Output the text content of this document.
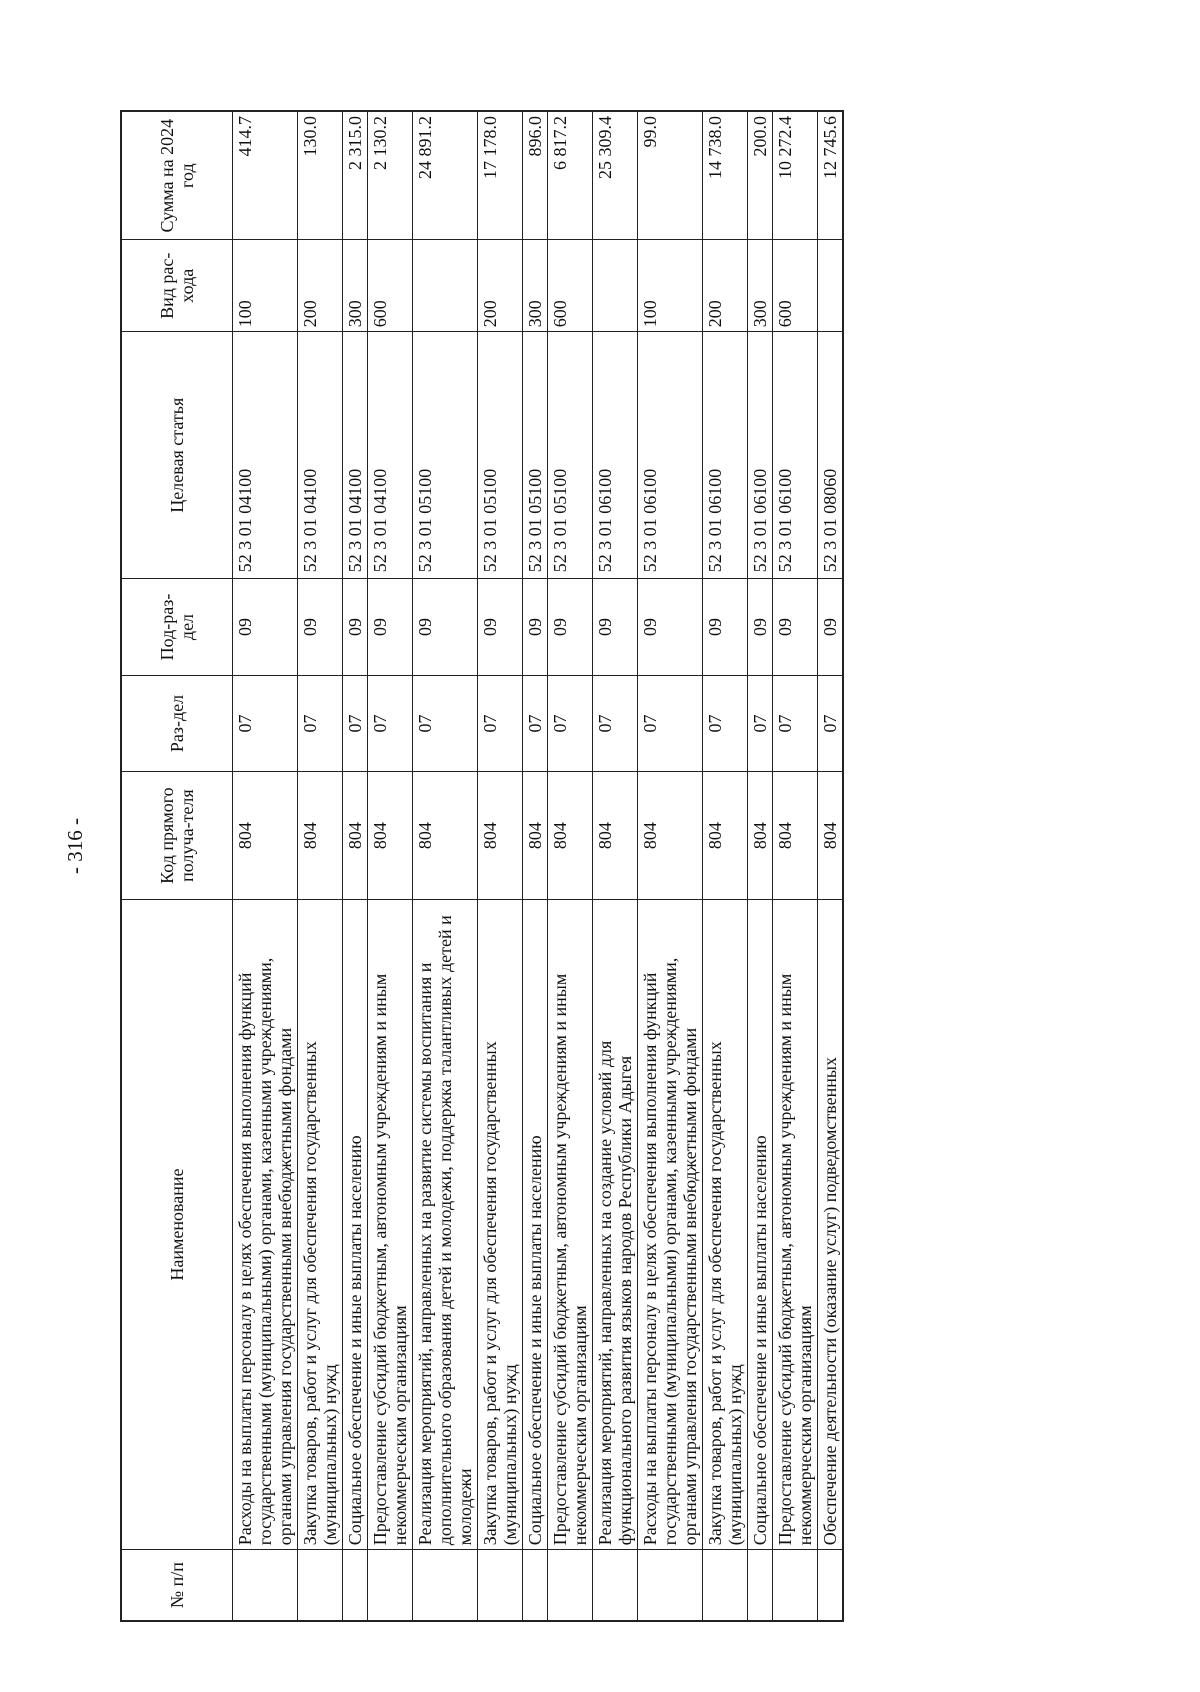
- 316 -
№ п/п	Наименование	Код прямого получа-теля	Раз-дел	Под-раз-дел	Целевая статья	Вид рас-хода	Сумма на 2024 год
	Расходы на выплаты персоналу в целях обеспечения выполнения функций государственными (муниципальными) органами, казенными учреждениями, органами управления государственными внебюджетными фондами	804	07	09	52 3 01 04100	100	414.7
	Закупка товаров, работ и услуг для обеспечения государственных (муниципальных) нужд	804	07	09	52 3 01 04100	200	130.0
	Социальное обеспечение и иные выплаты населению	804	07	09	52 3 01 04100	300	2 315.0
	Предоставление субсидий бюджетным, автономным учреждениям и иным некоммерческим организациям	804	07	09	52 3 01 04100	600	2 130.2
	Реализация мероприятий, направленных на развитие системы воспитания и дополнительного образования детей и молодежи, поддержка талантливых детей и молодежи	804	07	09	52 3 01 05100		24 891.2
	Закупка товаров, работ и услуг для обеспечения государственных (муниципальных) нужд	804	07	09	52 3 01 05100	200	17 178.0
	Социальное обеспечение и иные выплаты населению	804	07	09	52 3 01 05100	300	896.0
	Предоставление субсидий бюджетным, автономным учреждениям и иным некоммерческим организациям	804	07	09	52 3 01 05100	600	6 817.2
	Реализация мероприятий, направленных на создание условий для функционального развития языков народов Республики Адыгея	804	07	09	52 3 01 06100		25 309.4
	Расходы на выплаты персоналу в целях обеспечения выполнения функций государственными (муниципальными) органами, казенными учреждениями, органами управления государственными внебюджетными фондами	804	07	09	52 3 01 06100	100	99.0
	Закупка товаров, работ и услуг для обеспечения государственных (муниципальных) нужд	804	07	09	52 3 01 06100	200	14 738.0
	Социальное обеспечение и иные выплаты населению	804	07	09	52 3 01 06100	300	200.0
	Предоставление субсидий бюджетным, автономным учреждениям и иным некоммерческим организациям	804	07	09	52 3 01 06100	600	10 272.4
	Обеспечение деятельности (оказание услуг) подведомственных	804	07	09	52 3 01 08060		12 745.6
